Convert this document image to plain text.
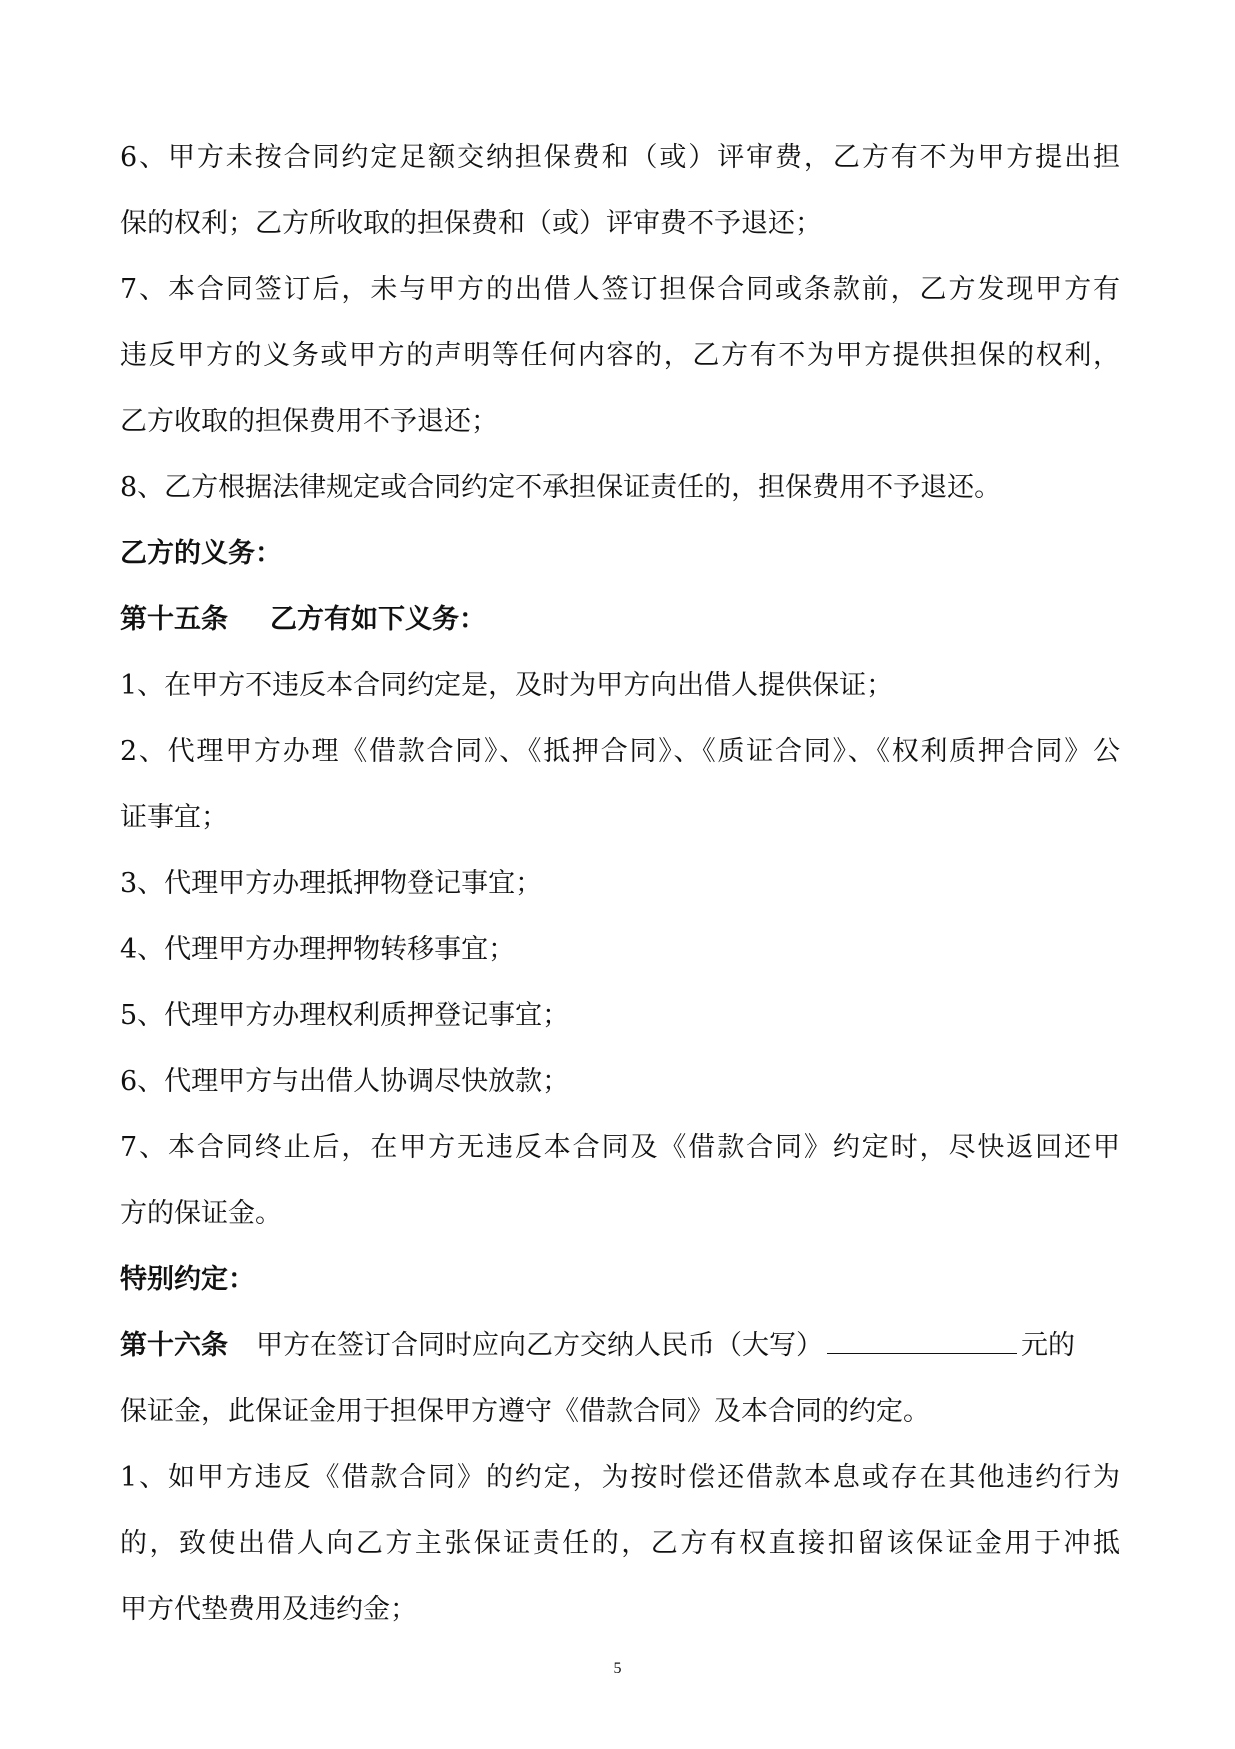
6、甲方未按合同约定足额交纳担保费和（或）评审费，乙方有不为甲方提出担
保的权利；乙方所收取的担保费和（或）评审费不予退还；
7、本合同签订后，未与甲方的出借人签订担保合同或条款前，乙方发现甲方有
违反甲方的义务或甲方的声明等任何内容的，乙方有不为甲方提供担保的权利，
乙方收取的担保费用不予退还；
8、乙方根据法律规定或合同约定不承担保证责任的，担保费用不予退还。
乙方的义务：
第十五条 乙方有如下义务：
1、在甲方不违反本合同约定是，及时为甲方向出借人提供保证；
2、代理甲方办理《借款合同》、《抵押合同》、《质证合同》、《权利质押合同》公
证事宜；
3、代理甲方办理抵押物登记事宜；
4、代理甲方办理押物转移事宜；
5、代理甲方办理权利质押登记事宜；
6、代理甲方与出借人协调尽快放款；
7、本合同终止后，在甲方无违反本合同及《借款合同》约定时，尽快返回还甲
方的保证金。
特别约定：
第十六条 甲方在签订合同时应向乙方交纳人民币（大写）	元的
保证金，此保证金用于担保甲方遵守《借款合同》及本合同的约定。
1、如甲方违反《借款合同》的约定，为按时偿还借款本息或存在其他违约行为
的，致使出借人向乙方主张保证责任的，乙方有权直接扣留该保证金用于冲抵
甲方代垫费用及违约金；
5
